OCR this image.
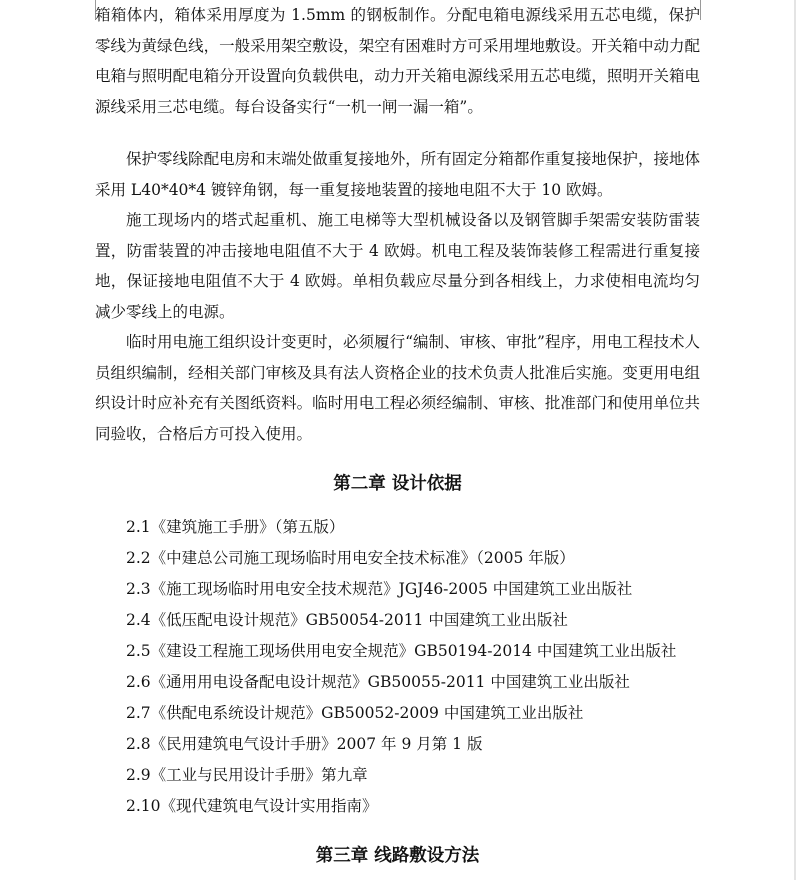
箱箱体内，箱体采用厚度为 1.5mm 的钢板制作。分配电箱电源线采用五芯电缆，保护零线为黄绿色线，一般采用架空敷设，架空有困难时方可采用埋地敷设。开关箱中动力配电箱与照明配电箱分开设置向负载供电，动力开关箱电源线采用五芯电缆，照明开关箱电源线采用三芯电缆。每台设备实行“一机一闸一漏一箱”。

保护零线除配电房和末端处做重复接地外，所有固定分箱都作重复接地保护，接地体采用 L40*40*4 镀锌角钢，每一重复接地装置的接地电阻不大于 10 欧姆。

施工现场内的塔式起重机、施工电梯等大型机械设备以及钢管脚手架需安装防雷装置，防雷装置的冲击接地电阻值不大于 4 欧姆。机电工程及装饰装修工程需进行重复接地，保证接地电阻值不大于 4 欧姆。单相负载应尽量分到各相线上，力求使相电流均匀减少零线上的电源。

临时用电施工组织设计变更时，必须履行“编制、审核、审批”程序，用电工程技术人员组织编制，经相关部门审核及具有法人资格企业的技术负责人批准后实施。变更用电组织设计时应补充有关图纸资料。临时用电工程必须经编制、审核、批准部门和使用单位共同验收，合格后方可投入使用。

第二章 设计依据
2.1《建筑施工手册》（第五版）
2.2《中建总公司施工现场临时用电安全技术标准》（2005 年版）
2.3《施工现场临时用电安全技术规范》JGJ46-2005 中国建筑工业出版社
2.4《低压配电设计规范》GB50054-2011 中国建筑工业出版社
2.5《建设工程施工现场供用电安全规范》GB50194-2014 中国建筑工业出版社
2.6《通用用电设备配电设计规范》GB50055-2011 中国建筑工业出版社
2.7《供配电系统设计规范》GB50052-2009 中国建筑工业出版社
2.8《民用建筑电气设计手册》2007 年 9 月第 1 版
2.9《工业与民用设计手册》第九章
2.10《现代建筑电气设计实用指南》
第三章 线路敷设方法
